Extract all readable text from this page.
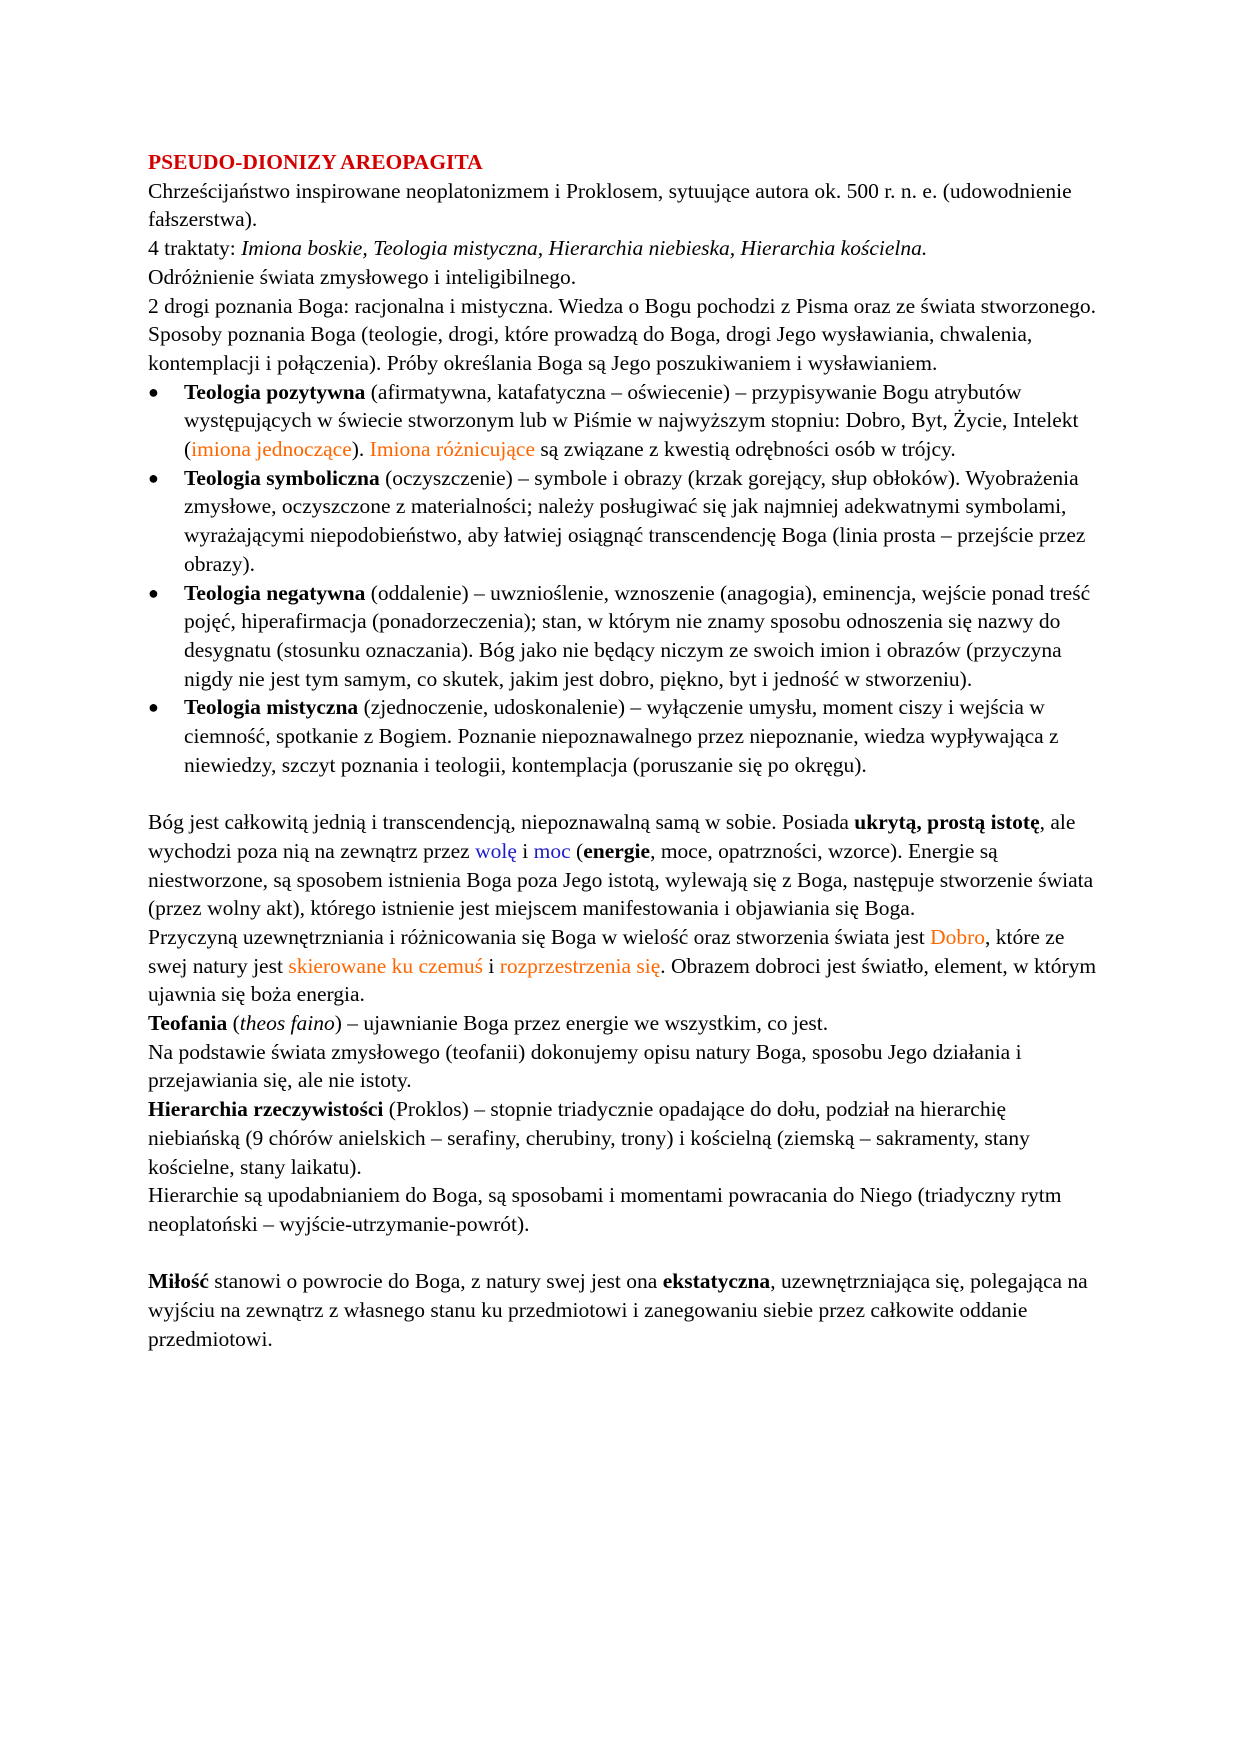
PSEUDO-DIONIZY AREOPAGITA

Chrześcijaństwo inspirowane neoplatonizmem i Proklosem, sytuujące autora ok. 500 r. n. e. (udowodnienie fałszerstwa).

4 traktaty: Imiona boskie, Teologia mistyczna, Hierarchia niebieska, Hierarchia kościelna.

Odróżnienie świata zmysłowego i inteligibilnego.

2 drogi poznania Boga: racjonalna i mistyczna. Wiedza o Bogu pochodzi z Pisma oraz ze świata stworzonego.

Sposoby poznania Boga (teologie, drogi, które prowadzą do Boga, drogi Jego wysławiania, chwalenia, kontemplacji i połączenia). Próby określania Boga są Jego poszukiwaniem i wysławianiem.

●	Teologia pozytywna (afirmatywna, katafatyczna – oświecenie) – przypisywanie Bogu atrybutów występujących w świecie stworzonym lub w Piśmie w najwyższym stopniu: Dobro, Byt, Życie, Intelekt (imiona jednoczące). Imiona różnicujące są związane z kwestią odrębności osób w trójcy.
●	Teologia symboliczna (oczyszczenie) – symbole i obrazy (krzak gorejący, słup obłoków). Wyobrażenia zmysłowe, oczyszczone z materialności; należy posługiwać się jak najmniej adekwatnymi symbolami, wyrażającymi niepodobieństwo, aby łatwiej osiągnąć transcendencję Boga (linia prosta – przejście przez obrazy).
●	Teologia negatywna (oddalenie) – uwznioślenie, wznoszenie (anagogia), eminencja, wejście ponad treść pojęć, hiperafirmacja (ponadorzeczenia); stan, w którym nie znamy sposobu odnoszenia się nazwy do desygnatu (stosunku oznaczania). Bóg jako nie będący niczym ze swoich imion i obrazów (przyczyna nigdy nie jest tym samym, co skutek, jakim jest dobro, piękno, byt i jedność w stworzeniu).
●	Teologia mistyczna (zjednoczenie, udoskonalenie) – wyłączenie umysłu, moment ciszy i wejścia w ciemność, spotkanie z Bogiem. Poznanie niepoznawalnego przez niepoznanie, wiedza wypływająca z niewiedzy, szczyt poznania i teologii, kontemplacja (poruszanie się po okręgu).

Bóg jest całkowitą jednią i transcendencją, niepoznawalną samą w sobie. Posiada ukrytą, prostą istotę, ale wychodzi poza nią na zewnątrz przez wolę i moc (energie, moce, opatrzności, wzorce). Energie są niestworzone, są sposobem istnienia Boga poza Jego istotą, wylewają się z Boga, następuje stworzenie świata (przez wolny akt), którego istnienie jest miejscem manifestowania i objawiania się Boga.

Przyczyną uzewnętrzniania i różnicowania się Boga w wielość oraz stworzenia świata jest Dobro, które ze swej natury jest skierowane ku czemuś i rozprzestrzenia się. Obrazem dobroci jest światło, element, w którym ujawnia się boża energia.

Teofania (theos faino) – ujawnianie Boga przez energie we wszystkim, co jest.

Na podstawie świata zmysłowego (teofanii) dokonujemy opisu natury Boga, sposobu Jego działania i przejawiania się, ale nie istoty.

Hierarchia rzeczywistości (Proklos) – stopnie triadycznie opadające do dołu, podział na hierarchię niebiańską (9 chórów anielskich – serafiny, cherubiny, trony) i kościelną (ziemską – sakramenty, stany kościelne, stany laikatu).

Hierarchie są upodabnianiem do Boga, są sposobami i momentami powracania do Niego (triadyczny rytm neoplatoński – wyjście-utrzymanie-powrót).

Miłość stanowi o powrocie do Boga, z natury swej jest ona ekstatyczna, uzewnętrzniająca się, polegająca na wyjściu na zewnątrz z własnego stanu ku przedmiotowi i zanegowaniu siebie przez całkowite oddanie przedmiotowi.
